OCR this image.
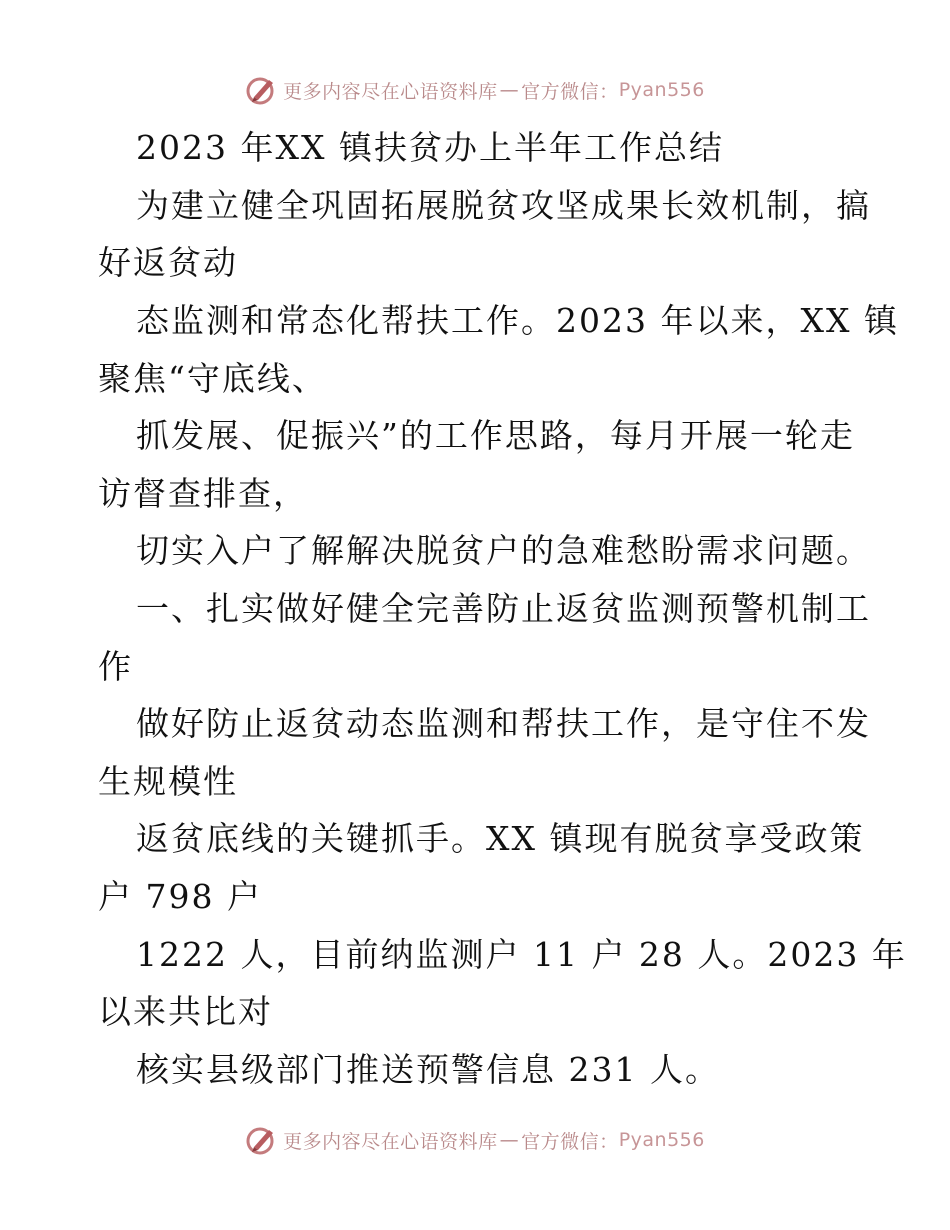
更多内容尽在心语资料库 — 官方微信： Pyan556
2023 年XX 镇扶贫办上半年工作总结
为建立健全巩固拓展脱贫攻坚成果长效机制，搞
好返贫动
态监测和常态化帮扶工作。2023 年以来，XX 镇
聚焦“守底线、
抓发展、促振兴”的工作思路，每月开展一轮走
访督查排查，
切实入户了解解决脱贫户的急难愁盼需求问题。
一、扎实做好健全完善防止返贫监测预警机制工
作
做好防止返贫动态监测和帮扶工作，是守住不发
生规模性
返贫底线的关键抓手。XX 镇现有脱贫享受政策
户 798 户
1222 人，目前纳监测户 11 户 28 人。2023 年
以来共比对
核实县级部门推送预警信息 231 人。
更多内容尽在心语资料库 — 官方微信： Pyan556
